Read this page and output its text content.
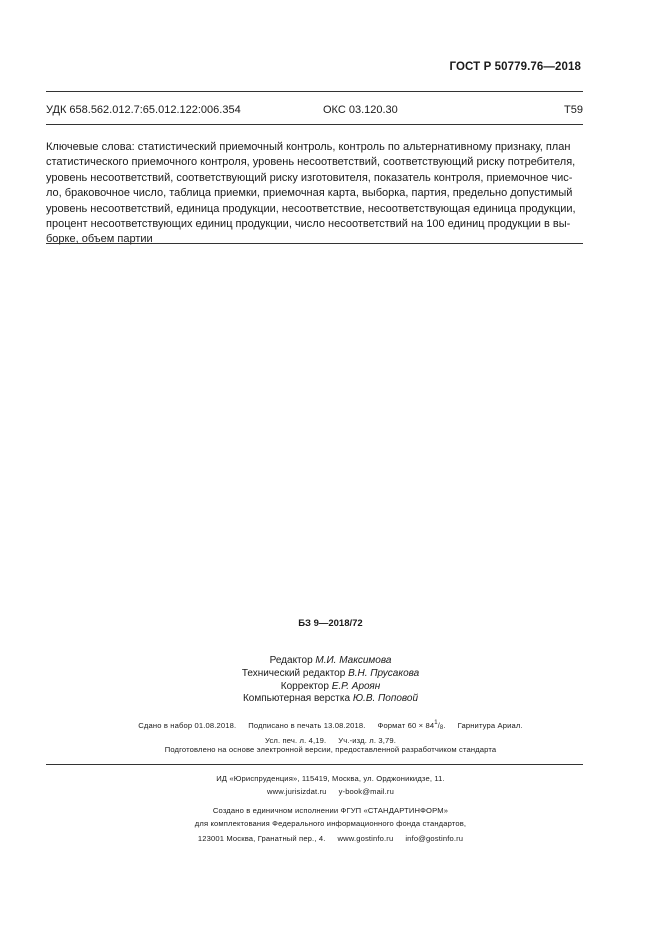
ГОСТ Р 50779.76—2018
УДК 658.562.012.7:65.012.122:006.354	ОКС 03.120.30	Т59
Ключевые слова: статистический приемочный контроль, контроль по альтернативному признаку, план
статистического приемочного контроля, уровень несоответствий, соответствующий риску потребителя,
уровень несоответствий, соответствующий риску изготовителя, показатель контроля, приемочное чис-
ло, браковочное число, таблица приемки, приемочная карта, выборка, партия, предельно допустимый
уровень несоответствий, единица продукции, несоответствие, несоответствующая единица продукции,
процент несоответствующих единиц продукции, число несоответствий на 100 единиц продукции в вы-
борке, объем партии
БЗ 9—2018/72
Редактор М.И. Максимова
Технический редактор В.Н. Прусакова
Корректор Е.Р. Ароян
Компьютерная верстка Ю.В. Поповой
Сдано в набор 01.08.2018. Подписано в печать 13.08.2018. Формат $60 \times 84^1/_8$. Гарнитура Ариал.
Усл. печ. л. 4,19. Уч.-изд. л. 3,79.
Подготовлено на основе электронной версии, предоставленной разработчиком стандарта
ИД «Юриспруденция», 115419, Москва, ул. Орджоникидзе, 11.
www.jurisizdat.ru y-book@mail.ru
Создано в единичном исполнении ФГУП «СТАНДАРТИНФОРМ»
для комплектования Федерального информационного фонда стандартов,
123001 Москва, Гранатный пер., 4. www.gostinfo.ru info@gostinfo.ru
